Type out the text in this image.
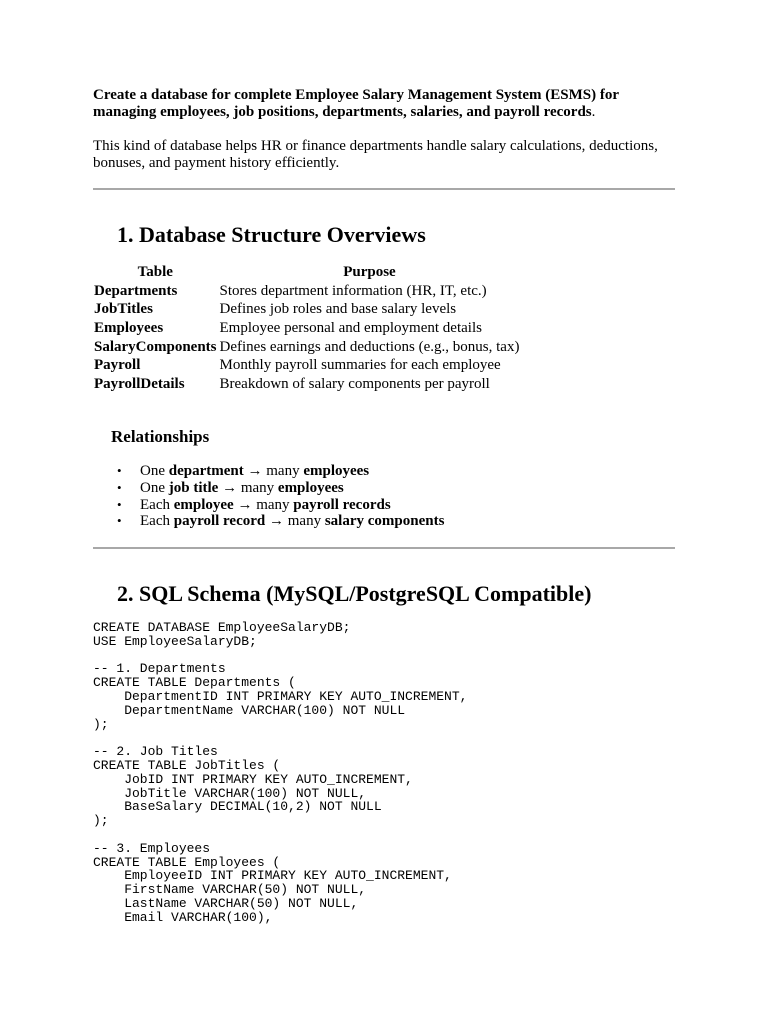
Create a database for complete Employee Salary Management System (ESMS) for managing employees, job positions, departments, salaries, and payroll records.
This kind of database helps HR or finance departments handle salary calculations, deductions, bonuses, and payment history efficiently.
1. Database Structure Overviews
Table	Purpose
Departments	Stores department information (HR, IT, etc.)
JobTitles	Defines job roles and base salary levels
Employees	Employee personal and employment details
SalaryComponents	Defines earnings and deductions (e.g., bonus, tax)
Payroll	Monthly payroll summaries for each employee
PayrollDetails	Breakdown of salary components per payroll
Relationships
• One department → many employees
• One job title → many employees
• Each employee → many payroll records
• Each payroll record → many salary components
2. SQL Schema (MySQL/PostgreSQL Compatible)
CREATE DATABASE EmployeeSalaryDB;
USE EmployeeSalaryDB;

-- 1. Departments
CREATE TABLE Departments (
DepartmentID INT PRIMARY KEY AUTO_INCREMENT,
DepartmentName VARCHAR(100) NOT NULL
);

-- 2. Job Titles
CREATE TABLE JobTitles (
JobID INT PRIMARY KEY AUTO_INCREMENT,
JobTitle VARCHAR(100) NOT NULL,
BaseSalary DECIMAL(10,2) NOT NULL
);

-- 3. Employees
CREATE TABLE Employees (
EmployeeID INT PRIMARY KEY AUTO_INCREMENT,
FirstName VARCHAR(50) NOT NULL,
LastName VARCHAR(50) NOT NULL,
Email VARCHAR(100),
